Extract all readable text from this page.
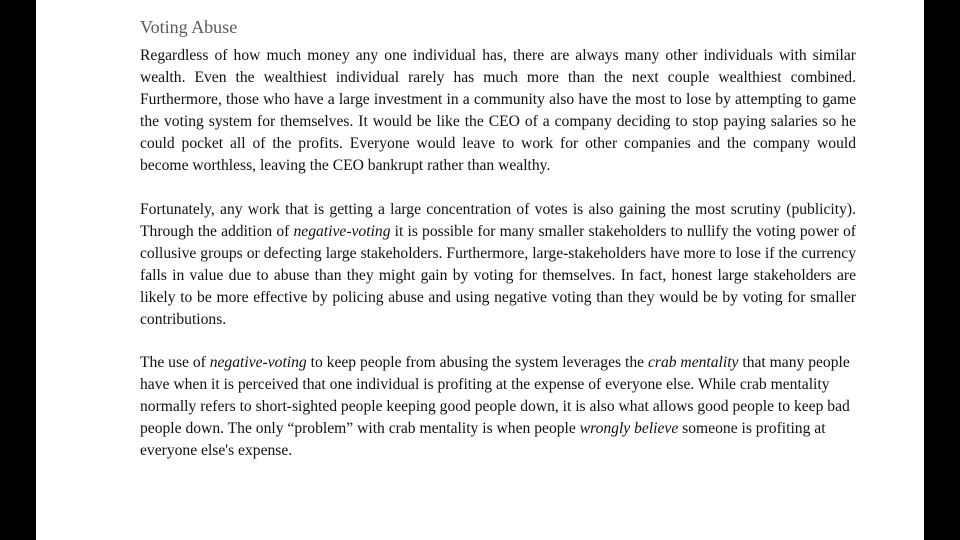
Voting Abuse

Regardless of how much money any one individual has, there are always many other individuals with similar wealth. Even the wealthiest individual rarely has much more than the next couple wealthiest combined. Furthermore, those who have a large investment in a community also have the most to lose by attempting to game the voting system for themselves. It would be like the CEO of a company deciding to stop paying salaries so he could pocket all of the profits. Everyone would leave to work for other companies and the company would become worthless, leaving the CEO bankrupt rather than wealthy.

Fortunately, any work that is getting a large concentration of votes is also gaining the most scrutiny (publicity). Through the addition of negative-voting it is possible for many smaller stakeholders to nullify the voting power of collusive groups or defecting large stakeholders. Furthermore, large-stakeholders have more to lose if the currency falls in value due to abuse than they might gain by voting for themselves. In fact, honest large stakeholders are likely to be more effective by policing abuse and using negative voting than they would be by voting for smaller contributions.

The use of negative-voting to keep people from abusing the system leverages the crab mentality that many people have when it is perceived that one individual is profiting at the expense of everyone else. While crab mentality normally refers to short-sighted people keeping good people down, it is also what allows good people to keep bad people down. The only “problem” with crab mentality is when people wrongly believe someone is profiting at everyone else's expense.
